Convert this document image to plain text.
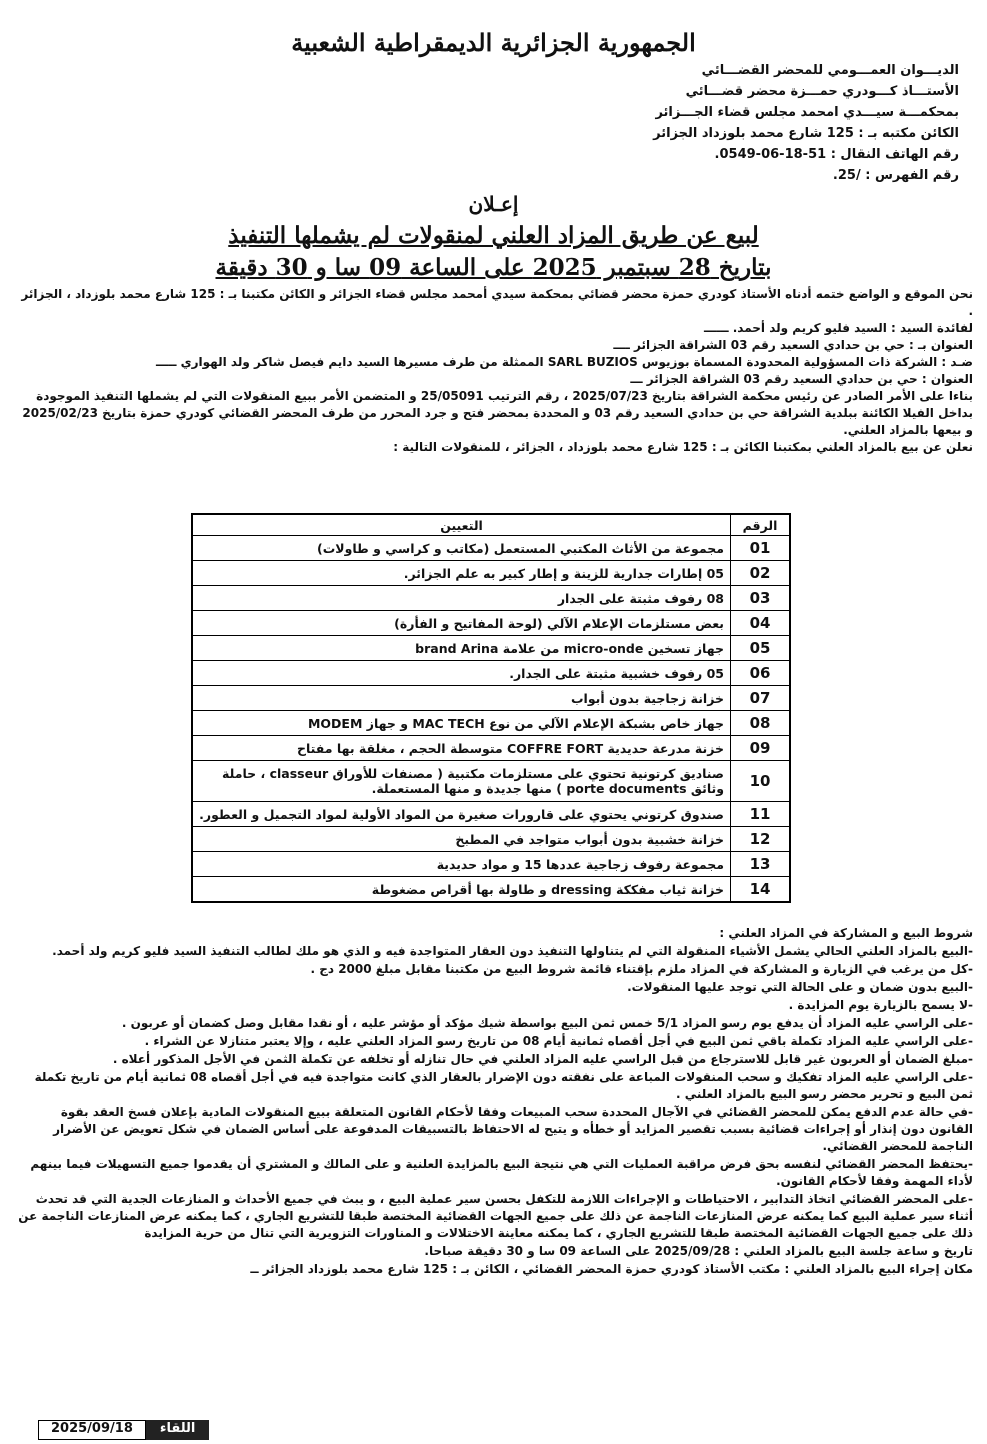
الجمهورية الجزائرية الديمقراطية الشعبية
الديـــوان العمـــومي للمحضر القضـــائي
الأستـــاذ كـــودري حمـــزة محضر قضـــائي
بمحكمـــة سيـــدي امحمد مجلس قضاء الجـــزائر
الكائن مكتبه بـ : 125 شارع محمد بلوزداد الجزائر
رقم الهاتف النقال : 51-18-06-0549.
رقم الفهرس : /25.
إعـلان
لبيع عن طريق المزاد العلني لمنقولات لم يشملها التنفيذ
بتاريخ 28 سبتمبر 2025 على الساعة 09 سا و 30 دقيقة

نحن الموقع و الواضع ختمه أدناه الأستاذ كودري حمزة محضر قضائي بمحكمة سيدي أمحمد مجلس قضاء الجزائر و الكائن مكتبنا بـ : 125 شارع محمد بلوزداد ، الجزائر .

لفائدة السيد : السيد فليو كريم ولد أحمد. ــــــ

العنوان بـ : حي بن حدادي السعيد رقم 03 الشراقة الجزائر ــــ

ضـد : الشركة ذات المسؤولية المحدودة المسماة بوزيوس SARL BUZIOS الممثلة من طرف مسيرها السيد دايم فيصل شاكر ولد الهواري ـــــ

العنوان : حي بن حدادي السعيد رقم 03 الشراقة الجزائر ـــ

بناءا على الأمر الصادر عن رئيس محكمة الشراقة بتاريخ 2025/07/23 ، رقم الترتيب 25/05091 و المتضمن الأمر ببيع المنقولات التي لم يشملها التنفيذ الموجودة بداخل الفيلا الكائنة ببلدية الشراقة حي بن حدادي السعيد رقم 03 و المحددة بمحضر فتح و جرد المحرر من طرف المحضر القضائي كودري حمزة بتاريخ 2025/02/23 و بيعها بالمزاد العلني.

نعلن عن بيع بالمزاد العلني بمكتبنا الكائن بـ : 125 شارع محمد بلوزداد ، الجزائر ، للمنقولات التالية :

الرقم	التعيين
01	مجموعة من الأثاث المكتبي المستعمل (مكاتب و كراسي و طاولات)
02	05 إطارات جدارية للزينة و إطار كبير به علم الجزائر.
03	08 رفوف مثبتة على الجدار
04	بعض مستلزمات الإعلام الآلي (لوحة المفاتيح و الفأرة)
05	جهاز تسخين micro-onde من علامة brand Arina
06	05 رفوف خشبية مثبتة على الجدار.
07	خزانة زجاجية بدون أبواب
08	جهاز خاص بشبكة الإعلام الآلي من نوع MAC TECH و جهاز MODEM
09	خزنة مدرعة حديدية COFFRE FORT متوسطة الحجم ، مغلقة بها مفتاح
10	صناديق كرتونية تحتوي على مستلزمات مكتبية ( مصنفات للأوراق classeur ، حاملة وثائق porte documents ) منها جديدة و منها المستعملة.
11	صندوق كرتوني يحتوي على قارورات صغيرة من المواد الأولية لمواد التجميل و العطور.
12	خزانة خشبية بدون أبواب متواجد في المطبخ
13	مجموعة رفوف زجاجية عددها 15 و مواد حديدية
14	خزانة ثياب مفككة dressing و طاولة بها أقراص مضغوطة

شروط البيع و المشاركة في المزاد العلني :

-البيع بالمزاد العلني الحالي يشمل الأشياء المنقولة التي لم يتناولها التنفيذ دون العقار المتواجدة فيه و الذي هو ملك لطالب التنفيذ السيد فليو كريم ولد أحمد.

-كل من يرغب في الزيارة و المشاركة في المزاد ملزم بإقتناء قائمة شروط البيع من مكتبنا مقابل مبلغ 2000 دج .

-البيع بدون ضمان و على الحالة التي توجد عليها المنقولات.

-لا يسمح بالزيارة يوم المزايدة .

-على الراسي عليه المزاد أن يدفع يوم رسو المزاد 5/1 خمس ثمن البيع بواسطة شيك مؤكد أو مؤشر عليه ، أو نقدا مقابل وصل كضمان أو عربون .

-على الراسي عليه المزاد تكملة باقي ثمن البيع في أجل أقصاه ثمانية أيام 08 من تاريخ رسو المزاد العلني عليه ، وإلا يعتبر متنازلا عن الشراء .

-مبلغ الضمان أو العربون غير قابل للاسترجاع من قبل الراسي عليه المزاد العلني في حال تنازله أو تخلفه عن تكملة الثمن في الأجل المذكور أعلاه .

-على الراسي عليه المزاد تفكيك و سحب المنقولات المباعة على نفقته دون الإضرار بالعقار الذي كانت متواجدة فيه في أجل أقصاه 08 ثمانية أيام من تاريخ تكملة ثمن البيع و تحرير محضر رسو البيع بالمزاد العلني .

-في حالة عدم الدفع يمكن للمحضر القضائي في الآجال المحددة سحب المبيعات وفقا لأحكام القانون المتعلقة ببيع المنقولات المادية بإعلان فسخ العقد بقوة القانون دون إنذار أو إجراءات قضائية بسبب تقصير المزايد أو خطأه و يتيح له الاحتفاظ بالتسبيقات المدفوعة على أساس الضمان في شكل تعويض عن الأضرار الناجمة للمحضر القضائي.

-يحتفظ المحضر القضائي لنفسه بحق فرض مراقبة العمليات التي هي نتيجة البيع بالمزايدة العلنية و على المالك و المشتري أن يقدموا جميع التسهيلات فيما بينهم لأداء المهمة وفقا لأحكام القانون.

-على المحضر القضائي اتخاذ التدابير ، الاحتياطات و الإجراءات اللازمة للتكفل بحسن سير عملية البيع ، و يبث في جميع الأحداث و المنازعات الجدية التي قد تحدث أثناء سير عملية البيع كما يمكنه عرض المنازعات الناجمة عن ذلك على جميع الجهات القضائية المختصة طبقا للتشريع الجاري ، كما يمكنه عرض المنازعات الناجمة عن ذلك على جميع الجهات القضائية المختصة طبقا للتشريع الجاري ، كما يمكنه معاينة الاختلالات و المناورات التزويرية التي تنال من حرية المزايدة

تاريخ و ساعة جلسة البيع بالمزاد العلني : 2025/09/28 على الساعة 09 سا و 30 دقيقة صباحا.

مكان إجراء البيع بالمزاد العلني : مكتب الأستاذ كودري حمزة المحضر القضائي ، الكائن بـ : 125 شارع محمد بلوزداد الجزائر ــ

2025/09/18	اللقاء
